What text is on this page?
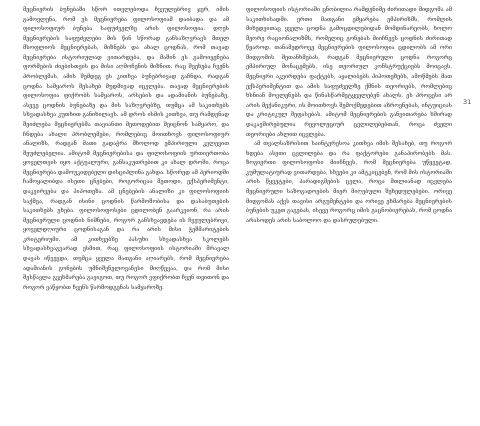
მეცნიერის ბუნებაში სწორ ითვლებოდა ჩვეულებრივ ჯერ, იმის გამოვლენა, რომ ეს მეცნიერება ფილოსოფიამ დაიბადა და ამ ფილოსოფიურ ბუნება საფუძველზე არის ფილოსოფია. დღეს მეცნიერების საფუძვლები მის წინ სწორად განსაზღვრავს მთელ მსოფლიოს მეცნიერებას, მიზნებს და ახალ ცოდნას, რომ თავად მეცნიერება ისტორიულად ვითარდება, და მაშინ ეს გამოიყენება ფორმების ძიებისთვის და მისი აღმოჩენის მიზნით. რაც შეეხება ჩვენს პრობლემას, ამის შემდეგ ეს კითხვა ბუნებრივად გაჩნდა, რადგან ცოდნა სამყაროს შესახებ მუდმივად იცვლება. თავად მეცნიერების ფილოსოფია ფიქრობს სამყაროს, არსების და ადამიანის ბუნებაზე, ასევე ცოდნის ბუნებაზე და მის საზღვრებზე, თუმცა ამ საკითხებს სხვადასხვა კუთხით განიხილავს. ამ დროს ისმის კითხვა, თუ რამდენად შეიძლება მეცნიერებმა თავიანთი მეთოდებით შეიცნონ სამყარო, და ჩნდება ახალი პრობლემები, რომლებიც მოითხოვს ფილოსოფიურ ანალიზს, რადგან მათი გადაჭრა მხოლოდ ემპირიული კვლევით შეუძლებელია. ამიტომ მეცნიერებისა და ფილოსოფიის ურთიერთობა ყოველთვის იყო აქტუალური, განსაკუთრებით კი ახალ დროში, როცა მეცნიერება დამოუკიდებელი დისციპლინა გახდა. სწორედ ამ პერიოდში ჩამოყალიბდა ისეთი ცნებები, როგორიცაა მეთოდი, ექსპერიმენტი, დაკვირვება და ჰიპოთეზა. ამ ცნებების ანალიზი კი ფილოსოფიის საქმეა, რადგან ისინი ცოდნის წარმოშობისა და დასაბუთების საკითხებს ეხება. ფილოსოფოსები ცდილობენ გაარკვიონ, რა არის მეცნიერული ცოდნის ნიშნები, როგორ განსხვავდება ის ჩვეულებრივი, ყოველდღიური ცოდნისაგან და რა არის მისი ჭეშმარიტების კრიტერიუმი. ამ კითხვებზე პასუხი სხვადასხვა სკოლებს სხვადასხვაგვარად ესმით, რაც ფილოსოფიის ისტორიაში მრავალ დავას იწვევდა, თუმცა ყველა მათგანი აღიარებს, რომ მეცნიერება ადამიანის გონების უმნიშვნელოვანესი მიღწევაა, და რომ მისი შესწავლა გვეხმარება გავიგოთ, თუ როგორ ვფიქრობთ ჩვენ თვითონ და როგორ ვაწყობთ ჩვენს წარმოდგენას სამყაროზე.

ფილოსოფიის ისტორიაში ცნობილია რამდენიმე ძირითადი მიდგომა ამ საკითხისადმი. ერთი მათგანი ემყარება ემპირიზმს, რომლის მიხედვითაც ყველა ცოდნა გამოცდილებიდან მომდინარეობს, ხოლო მეორე რაციონალიზმს, რომელიც გონებას მიიჩნევს ცოდნის ძირითად წყაროდ. თანამედროვე მეცნიერების ფილოსოფია ცდილობს ამ ორი მიდგომის შეთანხმებას, რადგან მეცნიერული ცოდნა როგორც ემპირიულ მონაცემებს, ისე თეორიულ კონსტრუქციებს მოიცავს. მეცნიერი აკვირდება ფაქტებს, აყალიბებს ჰიპოთეზებს, ამოწმებს მათ ექსპერიმენტით და ამის საფუძველზე ქმნის თეორიებს, რომლებიც ხსნიან მოვლენებს და წინასწარმეტყველებენ ახალს. ეს პროცესი არ არის მექანიკური, ის მოითხოვს შემოქმედებით აზროვნებას, ინტუიციას და კრიტიკულ შეფასებას. ამიტომ მეცნიერების განვითარება ხშირად დაკავშირებულია რევოლუციურ ცვლილებებთან, როცა ძველი თეორიები ახლით იცვლება.

ამ თვალსაზრისით საინტერესოა კითხვა იმის შესახებ, თუ როგორ ხდება ასეთი ცვლილება და რა ფაქტორები განაპირობებს მას. ზოგიერთი ფილოსოფოსი მიიჩნევს, რომ მეცნიერება უწყვეტად, კუმულატიურად ვითარდება, სხვები კი ამტკიცებენ, რომ მის ისტორიაში არის წყვეტები, პარადიგმების ცვლა, როცა მთლიანად იცვლება მეცნიერული საზოგადოების მიერ მიღებული შეხედულებები. ორივე მიდგომას აქვს თავისი არგუმენტები და ორივე ეხმარება მეცნიერების ბუნების უკეთ გაგებას, ისევე როგორც იმის გაცნობიერებას, რომ ცოდნა არასოდეს არის საბოლოო და დასრულებული.

31
